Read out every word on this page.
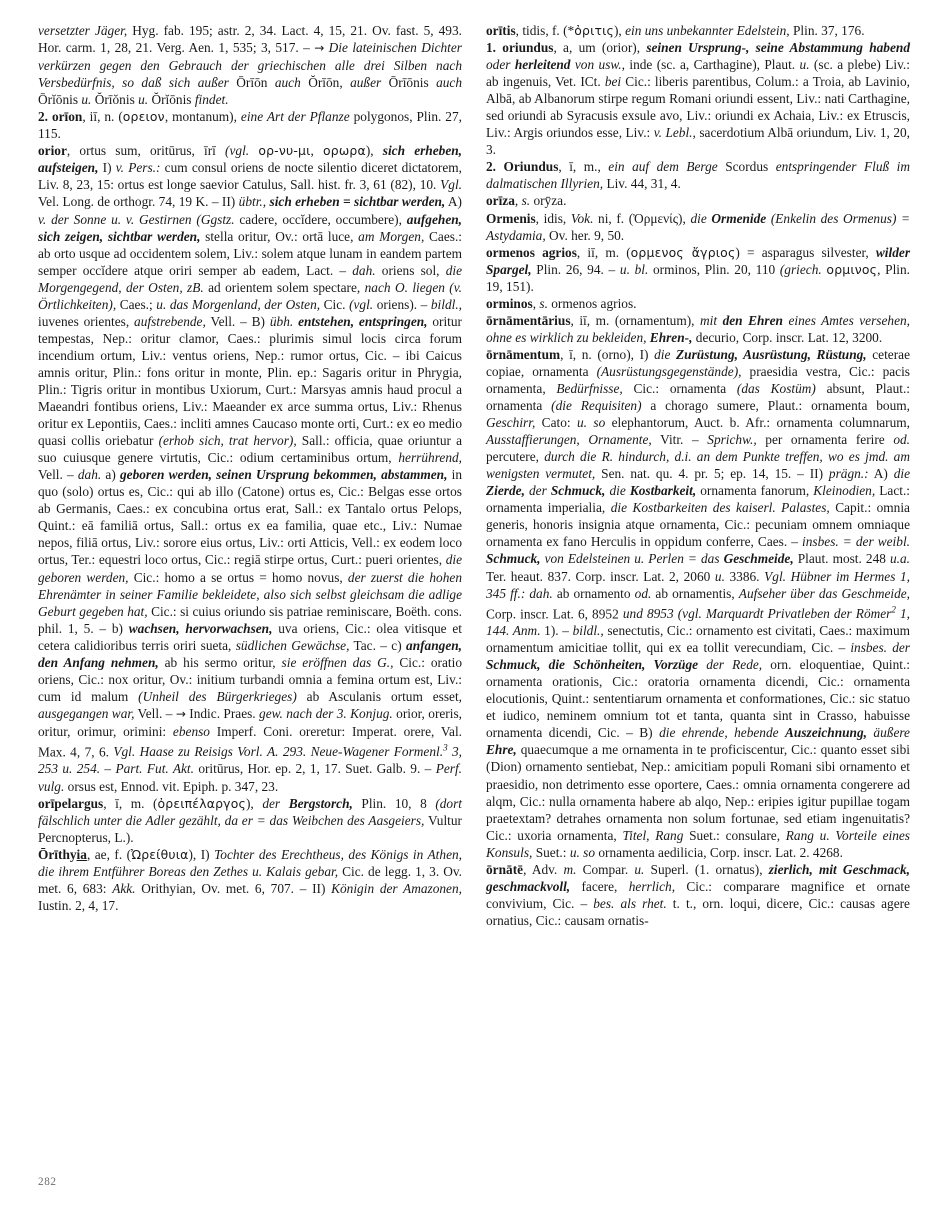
versetzter Jäger, Hyg. fab. 195; astr. 2, 34. Lact. 4, 15, 21. Ov. fast. 5, 493. Hor. carm. 1, 28, 21. Verg. Aen. 1, 535; 3, 517. – → Die lateinischen Dichter verkürzen gegen den Gebrauch der griechischen alle drei Silben nach Versbedürfnis, so daß sich außer Ōrīōn auch Ŏrīōn, außer Ōrīōnis auch Ōrĭōnis u. Ŏrīŏnis u. Ŏrĭōnis findet.

2. orīon, iī, n. (ορειον, montanum), eine Art der Pflanze polygonos, Plin. 27, 115.

orior, ortus sum, oritūrus, īrī (vgl. ορ-νυ-μι, ορωρα), sich erheben, aufsteigen, I) v. Pers.: cum consul oriens de nocte silentio diceret dictatorem, Liv. 8, 23, 15: ortus est longe saevior Catulus, Sall. hist. fr. 3, 61 (82), 10. Vgl. Vel. Long. de orthogr. 74, 19 K. – II) übtr., sich erheben = sichtbar werden, A) v. der Sonne u. v. Gestirnen (Ggstz. cadere, occĭdere, occumbere), aufgehen, sich zeigen, sichtbar werden, stella oritur, Ov.: ortā luce, am Morgen, Caes.: ab orto usque ad occidentem solem, Liv.: solem atque lunam in eandem partem semper occĭdere atque oriri semper ab eadem, Lact. – dah. oriens sol, die Morgengegend, der Osten, zB. ad orientem solem spectare, nach O. liegen (v. Örtlichkeiten), Caes.; u. das Morgenland, der Osten, Cic. (vgl. oriens). – bildl., iuvenes orientes, aufstrebende, Vell. – B) übh. entstehen, entspringen, oritur tempestas, Nep.: oritur clamor, Caes.: plurimis simul locis circa forum incendium ortum, Liv.: ventus oriens, Nep.: rumor ortus, Cic. – ibi Caicus amnis oritur, Plin.: fons oritur in monte, Plin. ep.: Sagaris oritur in Phrygia, Plin.: Tigris oritur in montibus Uxiorum, Curt.: Marsyas amnis haud procul a Maeandri fontibus oriens, Liv.: Maeander ex arce summa ortus, Liv.: Rhenus oritur ex Lepontiis, Caes.: incliti amnes Caucaso monte orti, Curt.: ex eo medio quasi collis oriebatur (erhob sich, trat hervor), Sall.: officia, quae oriuntur a suo cuiusque genere virtutis, Cic.: odium certaminibus ortum, herrührend, Vell. – dah. a) geboren werden, seinen Ursprung bekommen, abstammen, in quo (solo) ortus es, Cic.: qui ab illo (Catone) ortus es, Cic.: Belgas esse ortos ab Germanis, Caes.: ex concubina ortus erat, Sall.: ex Tantalo ortus Pelops, Quint.: eā familiā ortus, Sall.: ortus ex ea familia, quae etc., Liv.: Numae nepos, filiā ortus, Liv.: sorore eius ortus, Liv.: orti Atticis, Vell.: ex eodem loco ortus, Ter.: equestri loco ortus, Cic.: regiā stirpe ortus, Curt.: pueri orientes, die geboren werden, Cic.: homo a se ortus = homo novus, der zuerst die hohen Ehrenämter in seiner Familie bekleidete, also sich selbst gleichsam die adlige Geburt gegeben hat, Cic.: si cuius oriundo sis patriae reminiscare, Boëth. cons. phil. 1, 5. – b) wachsen, hervorwachsen, uva oriens, Cic.: olea vitisque et cetera calidioribus terris oriri sueta, südlichen Gewächse, Tac. – c) anfangen, den Anfang nehmen, ab his sermo oritur, sie eröffnen das G., Cic.: oratio oriens, Cic.: nox oritur, Ov.: initium turbandi omnia a femina ortum est, Liv.: cum id malum (Unheil des Bürgerkrieges) ab Asculanis ortum esset, ausgegangen war, Vell. – → Indic. Praes. gew. nach der 3. Konjug. orior, oreris, oritur, orimur, orimini: ebenso Imperf. Coni. oreretur: Imperat. orere, Val. Max. 4, 7, 6. Vgl. Haase zu Reisigs Vorl. A. 293. Neue-Wagener Formenl.$^3$ 3, 253 u. 254. – Part. Fut. Akt. oritūrus, Hor. ep. 2, 1, 17. Suet. Galb. 9. – Perf. vulg. orsus est, Ennod. vit. Epiph. p. 347, 23.

orīpelargus, ī, m. (ὀρειπέλαργος), der Bergstorch, Plin. 10, 8 (dort fälschlich unter die Adler gezählt, da er = das Weibchen des Aasgeiers, Vultur Percnopterus, L.).

Ōrīthyia, ae, f. (Ὠρείθυια), I) Tochter des Erechtheus, des Königs in Athen, die ihrem Entführer Boreas den Zethes u. Kalais gebar, Cic. de legg. 1, 3. Ov. met. 6, 683: Akk. Orithyian, Ov. met. 6, 707. – II) Königin der Amazonen, Iustin. 2, 4, 17.

orītis, tidis, f. (*ὀριτις), ein uns unbekannter Edelstein, Plin. 37, 176.

1. oriundus, a, um (orior), seinen Ursprung-, seine Abstammung habend oder herleitend von usw., inde (sc. a, Carthagine), Plaut. u. (sc. a plebe) Liv.: ab ingenuis, Vet. ICt. bei Cic.: liberis parentibus, Colum.: a Troia, ab Lavinio, Albā, ab Albanorum stirpe regum Romani oriundi essent, Liv.: nati Carthagine, sed oriundi ab Syracusis exsule avo, Liv.: oriundi ex Achaia, Liv.: ex Etruscis, Liv.: Argis oriundos esse, Liv.: v. Lebl., sacerdotium Albā oriundum, Liv. 1, 20, 3.

2. Oriundus, ī, m., ein auf dem Berge Scordus entspringender Fluß im dalmatischen Illyrien, Liv. 44, 31, 4.

orīza, s. orȳza.

Ormenis, idis, Vok. ni, f. (Ὀρμενίς), die Ormenide (Enkelin des Ormenus) = Astydamia, Ov. her. 9, 50.

ormenos agrios, iī, m. (ορμενος ἄγριος) = asparagus silvester, wilder Spargel, Plin. 26, 94. – u. bl. orminos, Plin. 20, 110 (griech. ορμινος, Plin. 19, 151).

orminos, s. ormenos agrios.

ōrnāmentārius, iī, m. (ornamentum), mit den Ehren eines Amtes versehen, ohne es wirklich zu bekleiden, Ehren-, decurio, Corp. inscr. Lat. 12, 3200.

ōrnāmentum, ī, n. (orno), I) die Zurüstung, Ausrüstung, Rüstung, ceterae copiae, ornamenta (Ausrüstungsgegenstände), praesidia vestra, Cic.: pacis ornamenta, Bedürfnisse, Cic.: ornamenta (das Kostüm) absunt, Plaut.: ornamenta (die Requisiten) a chorago sumere, Plaut.: ornamenta boum, Geschirr, Cato: u. so elephantorum, Auct. b. Afr.: ornamenta columnarum, Ausstaffierungen, Ornamente, Vitr. – Sprichw., per ornamenta ferire od. percutere, durch die R. hindurch, d.i. an dem Punkte treffen, wo es jmd. am wenigsten vermutet, Sen. nat. qu. 4. pr. 5; ep. 14, 15. – II) prägn.: A) die Zierde, der Schmuck, die Kostbarkeit, ornamenta fanorum, Kleinodien, Lact.: ornamenta imperialia, die Kostbarkeiten des kaiserl. Palastes, Capit.: omnia generis, honoris insignia atque ornamenta, Cic.: pecuniam omnem omniaque ornamenta ex fano Herculis in oppidum conferre, Caes. – insbes. = der weibl. Schmuck, von Edelsteinen u. Perlen = das Geschmeide, Plaut. most. 248 u.a. Ter. heaut. 837. Corp. inscr. Lat. 2, 2060 u. 3386. Vgl. Hübner im Hermes 1, 345 ff.: dah. ab ornamento od. ab ornamentis, Aufseher über das Geschmeide, Corp. inscr. Lat. 6, 8952 und 8953 (vgl. Marquardt Privatleben der Römer$^2$ 1, 144. Anm. 1). – bildl., senectutis, Cic.: ornamento est civitati, Caes.: maximum ornamentum amicitiae tollit, qui ex ea tollit verecundiam, Cic. – insbes. der Schmuck, die Schönheiten, Vorzüge der Rede, orn. eloquentiae, Quint.: ornamenta orationis, Cic.: oratoria ornamenta dicendi, Cic.: ornamenta elocutionis, Quint.: sententiarum ornamenta et conformationes, Cic.: sic statuo et iudico, neminem omnium tot et tanta, quanta sint in Crasso, habuisse ornamenta dicendi, Cic. – B) die ehrende, hebende Auszeichnung, äußere Ehre, quaecumque a me ornamenta in te proficiscentur, Cic.: quanto esset sibi (Dion) ornamento sentiebat, Nep.: amicitiam populi Romani sibi ornamento et praesidio, non detrimento esse oportere, Caes.: omnia ornamenta congerere ad alqm, Cic.: nulla ornamenta habere ab alqo, Nep.: eripies igitur pupillae togam praetextam? detrahes ornamenta non solum fortunae, sed etiam ingenuitatis? Cic.: uxoria ornamenta, Titel, Rang Suet.: consulare, Rang u. Vorteile eines Konsuls, Suet.: u. so ornamenta aedilicia, Corp. inscr. Lat. 2. 4268.

ōrnātē, Adv. m. Compar. u. Superl. (1. ornatus), zierlich, mit Geschmack, geschmackvoll, facere, herrlich, Cic.: comparare magnifice et ornate convivium, Cic. – bes. als rhet. t. t., orn. loqui, dicere, Cic.: causas agere ornatius, Cic.: causam ornatis-

282
